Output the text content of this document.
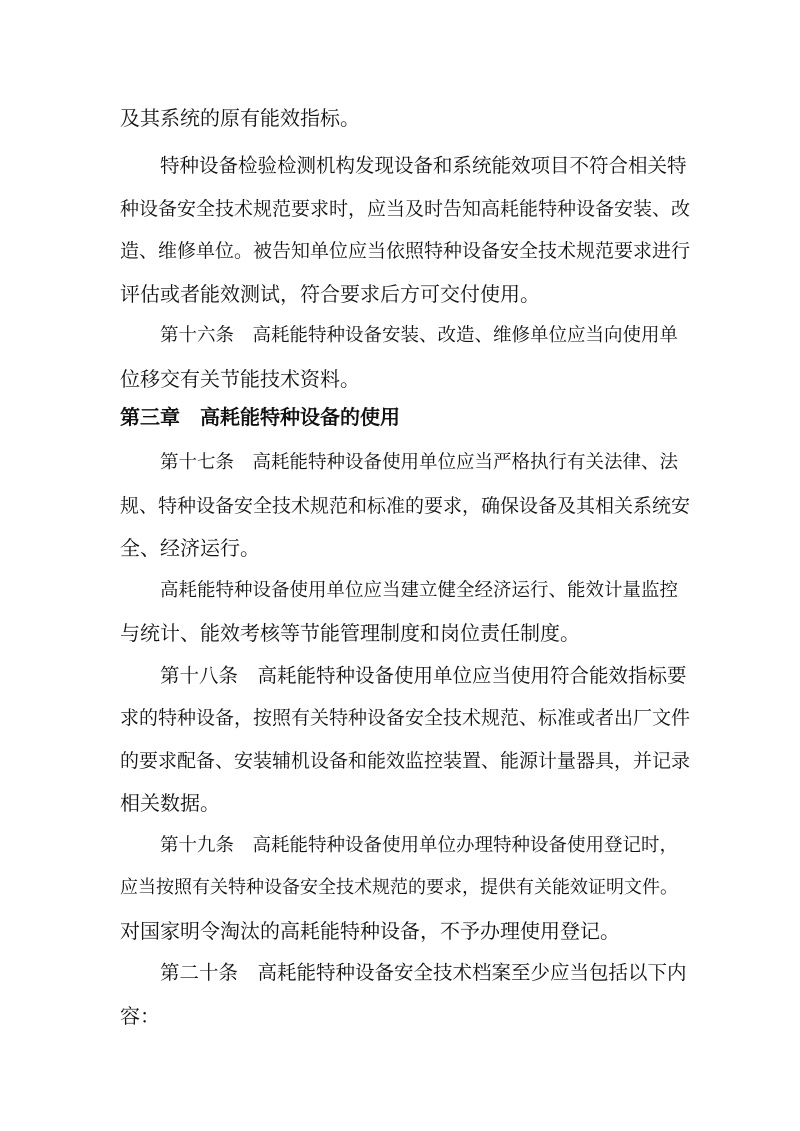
及其系统的原有能效指标。

特种设备检验检测机构发现设备和系统能效项目不符合相关特

种设备安全技术规范要求时，应当及时告知高耗能特种设备安装、改

造、维修单位。被告知单位应当依照特种设备安全技术规范要求进行

评估或者能效测试，符合要求后方可交付使用。

第十六条　高耗能特种设备安装、改造、维修单位应当向使用单

位移交有关节能技术资料。

第三章　高耗能特种设备的使用

第十七条　高耗能特种设备使用单位应当严格执行有关法律、法

规、特种设备安全技术规范和标准的要求，确保设备及其相关系统安

全、经济运行。

高耗能特种设备使用单位应当建立健全经济运行、能效计量监控

与统计、能效考核等节能管理制度和岗位责任制度。

第十八条　高耗能特种设备使用单位应当使用符合能效指标要

求的特种设备，按照有关特种设备安全技术规范、标准或者出厂文件

的要求配备、安装辅机设备和能效监控装置、能源计量器具，并记录

相关数据。

第十九条　高耗能特种设备使用单位办理特种设备使用登记时，

应当按照有关特种设备安全技术规范的要求，提供有关能效证明文件。

对国家明令淘汰的高耗能特种设备，不予办理使用登记。

第二十条　高耗能特种设备安全技术档案至少应当包括以下内

容：
